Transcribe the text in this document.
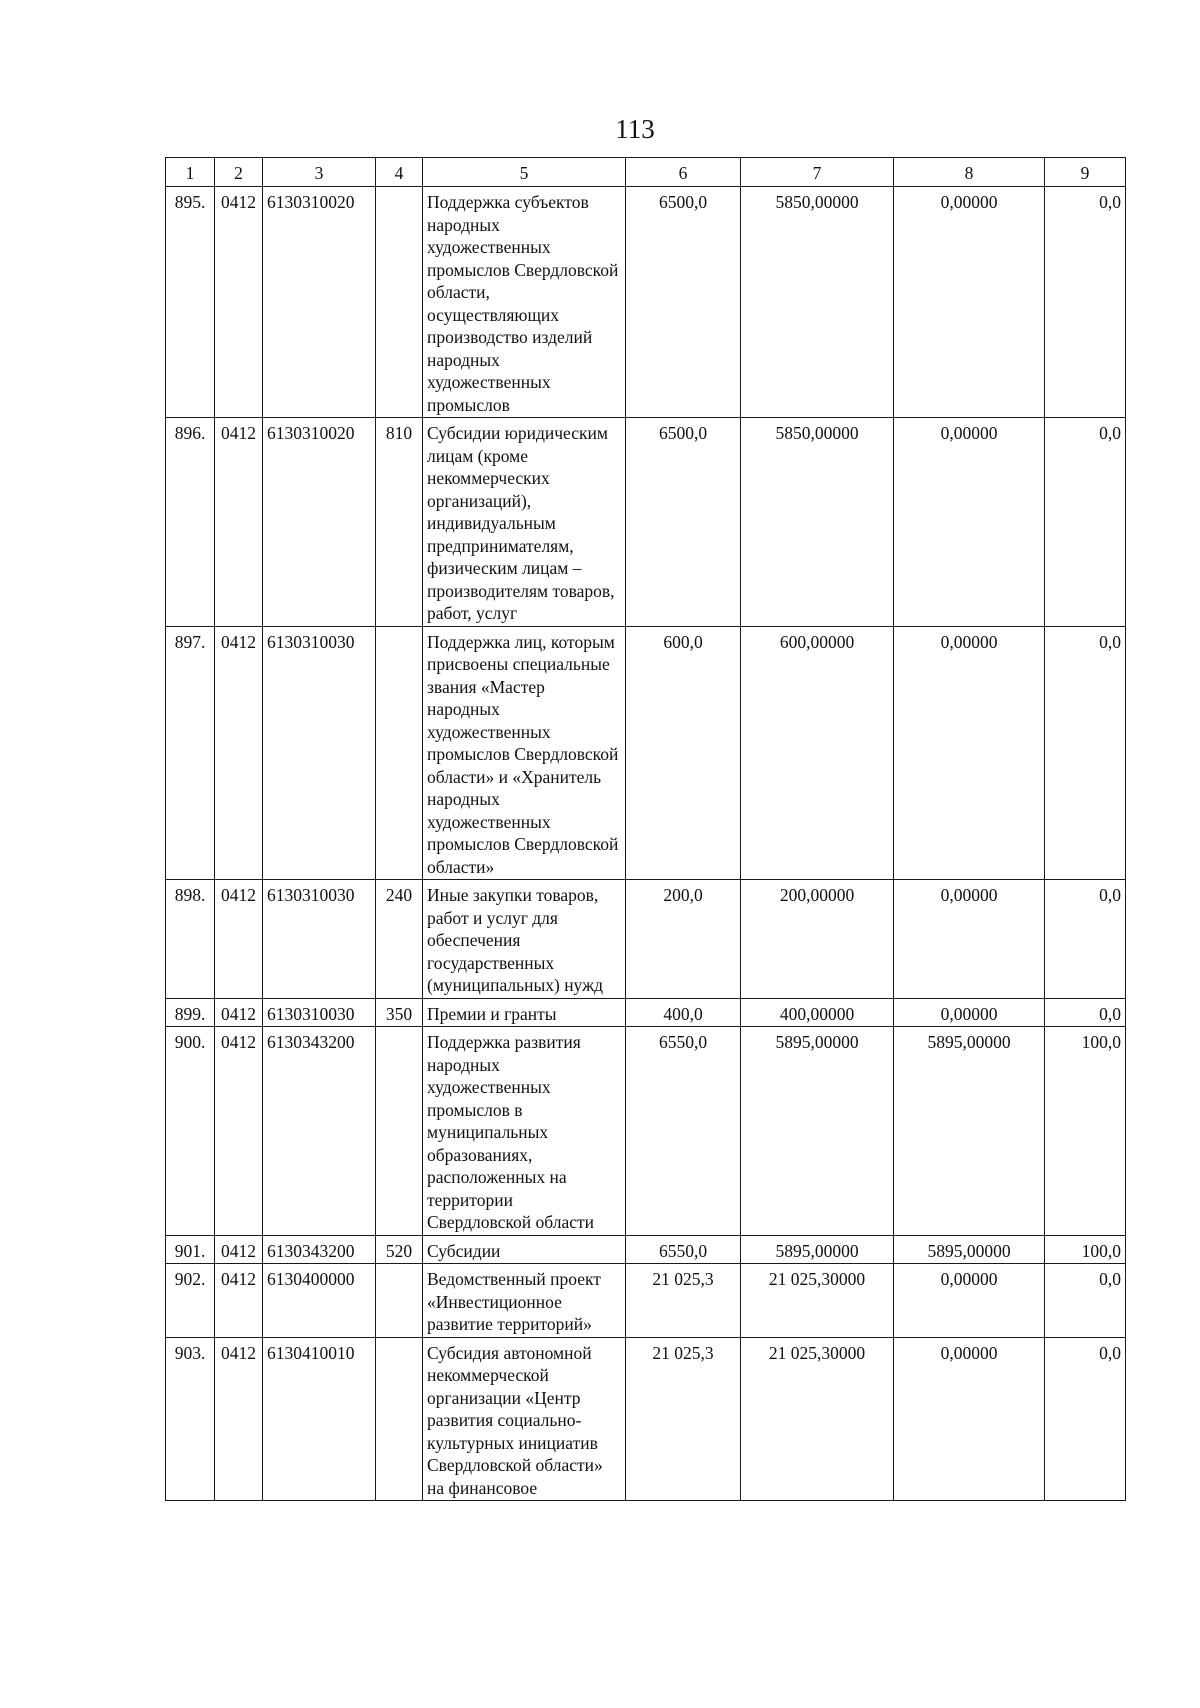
113
1	2	3	4	5	6	7	8	9
895.	0412	6130310020		Поддержка субъектов народных художественных промыслов Свердловской области, осуществляющих производство изделий народных художественных промыслов	6500,0	5850,00000	0,00000	0,0
896.	0412	6130310020	810	Субсидии юридическим лицам (кроме некоммерческих организаций), индивидуальным предпринимателям, физическим лицам – производителям товаров, работ, услуг	6500,0	5850,00000	0,00000	0,0
897.	0412	6130310030		Поддержка лиц, которым присвоены специальные звания «Мастер народных художественных промыслов Свердловской области» и «Хранитель народных художественных промыслов Свердловской области»	600,0	600,00000	0,00000	0,0
898.	0412	6130310030	240	Иные закупки товаров, работ и услуг для обеспечения государственных (муниципальных) нужд	200,0	200,00000	0,00000	0,0
899.	0412	6130310030	350	Премии и гранты	400,0	400,00000	0,00000	0,0
900.	0412	6130343200		Поддержка развития народных художественных промыслов в муниципальных образованиях, расположенных на территории Свердловской области	6550,0	5895,00000	5895,00000	100,0
901.	0412	6130343200	520	Субсидии	6550,0	5895,00000	5895,00000	100,0
902.	0412	6130400000		Ведомственный проект «Инвестиционное развитие территорий»	21 025,3	21 025,30000	0,00000	0,0
903.	0412	6130410010		Субсидия автономной некоммерческой организации «Центр развития социально-культурных инициатив Свердловской области» на финансовое	21 025,3	21 025,30000	0,00000	0,0
